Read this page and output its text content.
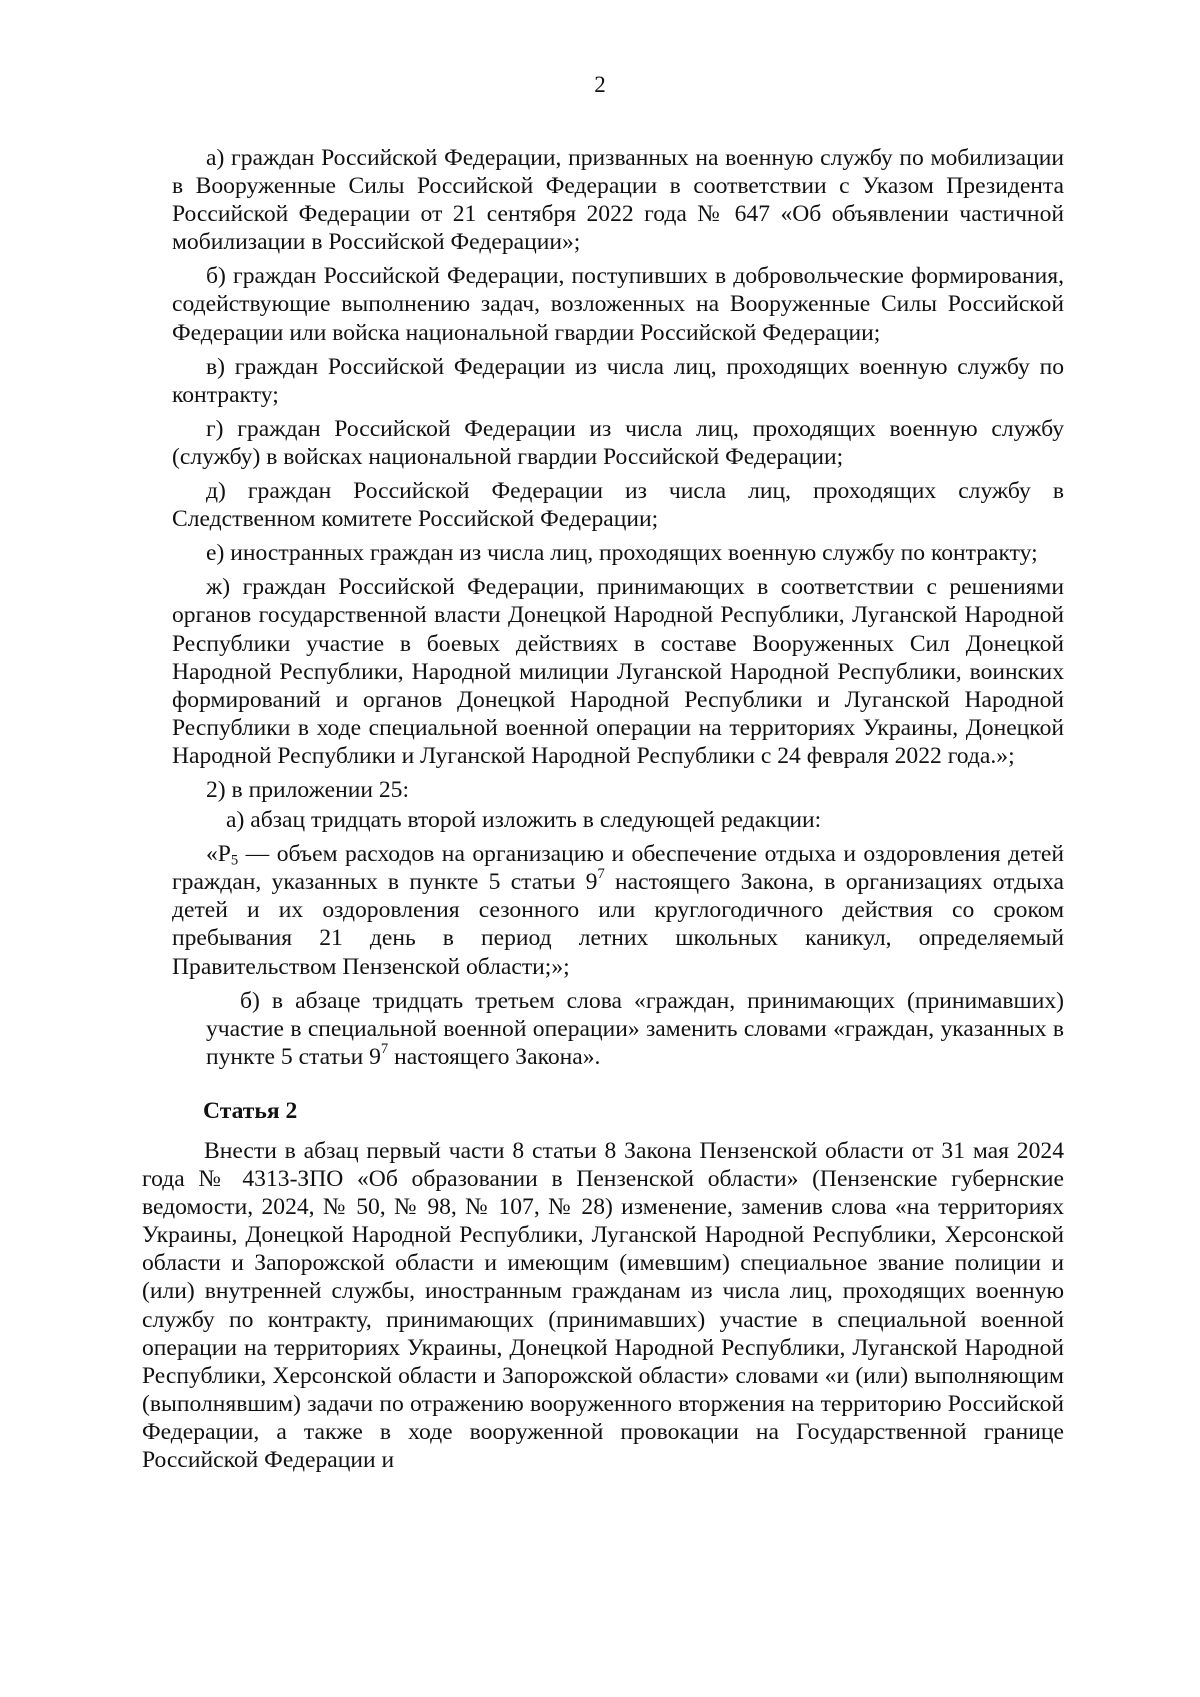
2

а) граждан Российской Федерации, призванных на военную службу по мобилизации в Вооруженные Силы Российской Федерации в соответствии с Указом Президента Российской Федерации от 21 сентября 2022 года № 647 «Об объявлении частичной мобилизации в Российской Федерации»;

б) граждан Российской Федерации, поступивших в добровольческие формирования, содействующие выполнению задач, возложенных на Вооруженные Силы Российской Федерации или войска национальной гвардии Российской Федерации;

в) граждан Российской Федерации из числа лиц, проходящих военную службу по контракту;

г) граждан Российской Федерации из числа лиц, проходящих военную службу (службу) в войсках национальной гвардии Российской Федерации;

д) граждан Российской Федерации из числа лиц, проходящих службу в Следственном комитете Российской Федерации;

е) иностранных граждан из числа лиц, проходящих военную службу по контракту;

ж) граждан Российской Федерации, принимающих в соответствии с решениями органов государственной власти Донецкой Народной Республики, Луганской Народной Республики участие в боевых действиях в составе Вооруженных Сил Донецкой Народной Республики, Народной милиции Луганской Народной Республики, воинских формирований и органов Донецкой Народной Республики и Луганской Народной Республики в ходе специальной военной операции на территориях Украины, Донецкой Народной Республики и Луганской Народной Республики с 24 февраля 2022 года.»;

2) в приложении 25:

а) абзац тридцать второй изложить в следующей редакции:

«$P_5$ — объем расходов на организацию и обеспечение отдыха и оздоровления детей граждан, указанных в пункте 5 статьи $9^7$ настоящего Закона, в организациях отдыха детей и их оздоровления сезонного или круглогодичного действия со сроком пребывания 21 день в период летних школьных каникул, определяемый Правительством Пензенской области;»;

б) в абзаце тридцать третьем слова «граждан, принимающих (принимавших) участие в специальной военной операции» заменить словами «граждан, указанных в пункте 5 статьи $9^7$ настоящего Закона».

Статья 2

Внести в абзац первый части 8 статьи 8 Закона Пензенской области от 31 мая 2024 года № 4313-ЗПО «Об образовании в Пензенской области» (Пензенские губернские ведомости, 2024, № 50, № 98, № 107, № 28) изменение, заменив слова «на территориях Украины, Донецкой Народной Республики, Луганской Народной Республики, Херсонской области и Запорожской области и имеющим (имевшим) специальное звание полиции и (или) внутренней службы, иностранным гражданам из числа лиц, проходящих военную службу по контракту, принимающих (принимавших) участие в специальной военной операции на территориях Украины, Донецкой Народной Республики, Луганской Народной Республики, Херсонской области и Запорожской области» словами «и (или) выполняющим (выполнявшим) задачи по отражению вооруженного вторжения на территорию Российской Федерации, а также в ходе вооруженной провокации на Государственной границе Российской Федерации и
